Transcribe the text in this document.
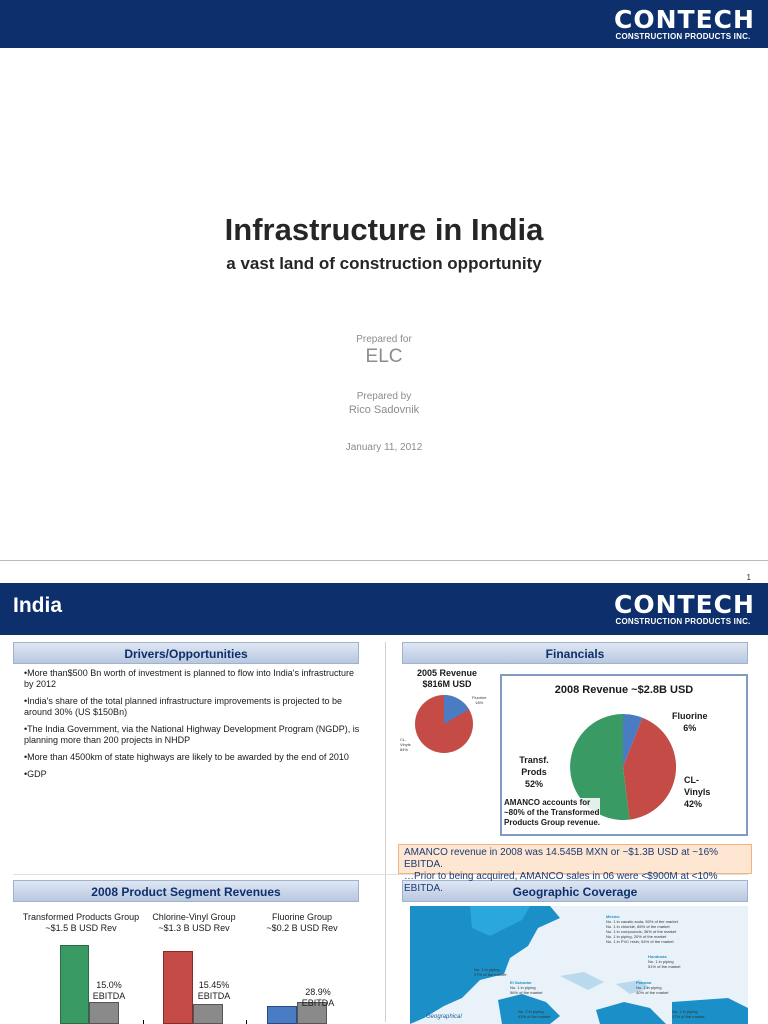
CONTECH
CONSTRUCTION PRODUCTS INC.
Infrastructure in India
a vast land of construction opportunity
Prepared for
ELC
Prepared by
Rico Sadovnik
January 11, 2012
1
India	CONTECH
CONSTRUCTION PRODUCTS INC.
Drivers/Opportunities	Financials
2008 Product Segment Revenues	Geographic Coverage

•More than$500 Bn worth of investment is planned to flow into India's infrastructure by 2012

•India's share of the total planned infrastructure improvements is projected to be around 30% (US $150Bn)

•The India Government, via the National Highway Development Program (NGDP), is planning more than 200 projects in NHDP

•More than 4500km of state highways are likely to be awarded by the end of 2010

•GDP

2005 Revenue
$816M USD
Fluorine
16%
CL-
Vinyls
84%
2008 Revenue ~$2.8B USD
Fluorine
6%
Transf.
Prods
52%	CL-
Vinyls
42%
AMANCO accounts for
~80% of the Transformed
Products Group revenue.
AMANCO revenue in 2008 was 14.545B MXN or ~$1.3B USD at ~16% EBITDA.
…Prior to being acquired, AMANCO sales in 06 were <$900M at <10% EBITDA.
Transformed Products Group
~$1.5 B USD Rev
Chlorine-Vinyl Group
~$1.3 B USD Rev
Fluorine Group
~$0.2 B USD Rev
15.0%
EBITDA
15.45%
EBITDA	28.9%
EBITDA
Mexico
No. 1 in caustic soda, 50% of the market
No. 1 in chloride, 65% of the market
No. 1 in compounds, 36% of the market
No. 1 in piping, 20% of the market
No. 1 in PVC resin, 54% of the market
Honduras
No. 1 in piping
51% of the market
Guatemala
No. 1 in piping
27% of the market
El Salvador
No. 1 in piping
56% of the market
Panama
No. 1 in piping
40% of the market
Nicaragua
No. 2 in piping
43% of the market
Venezuela
No. 1 in piping
37% of the market
Geographical
